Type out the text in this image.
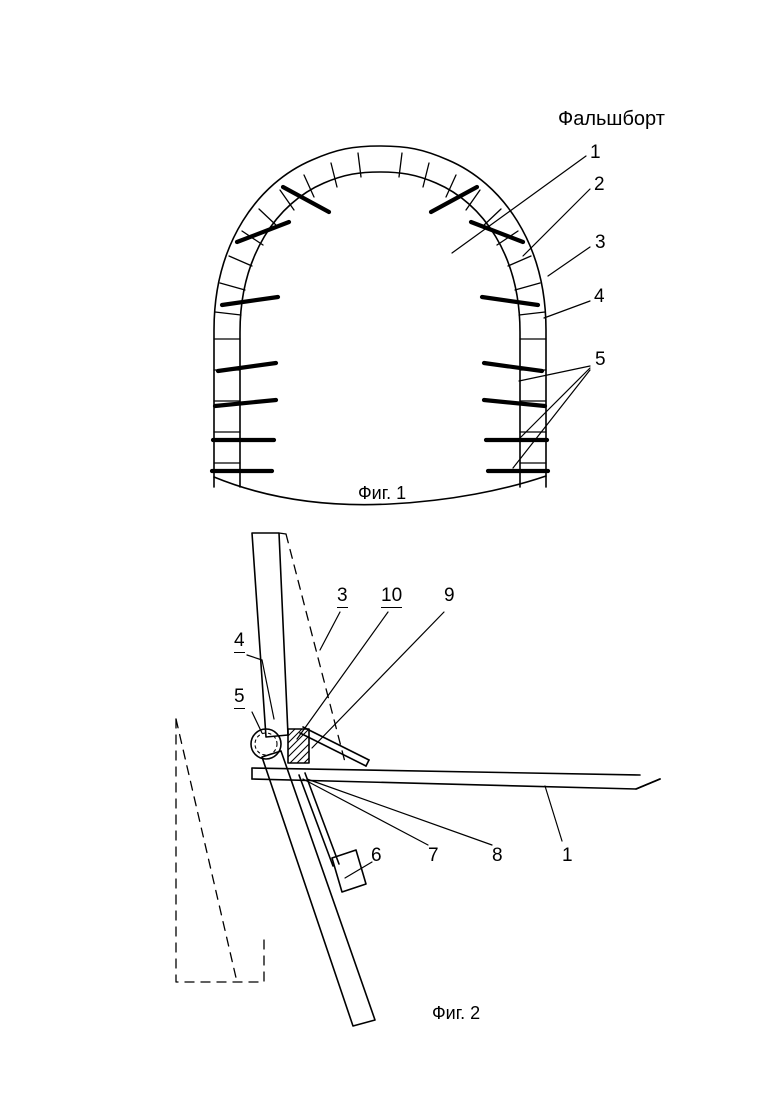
Фальшборт
1
2
3
4
5
Фиг. 1
3 10 9
4
5
6 7	8	1
Фиг. 2
